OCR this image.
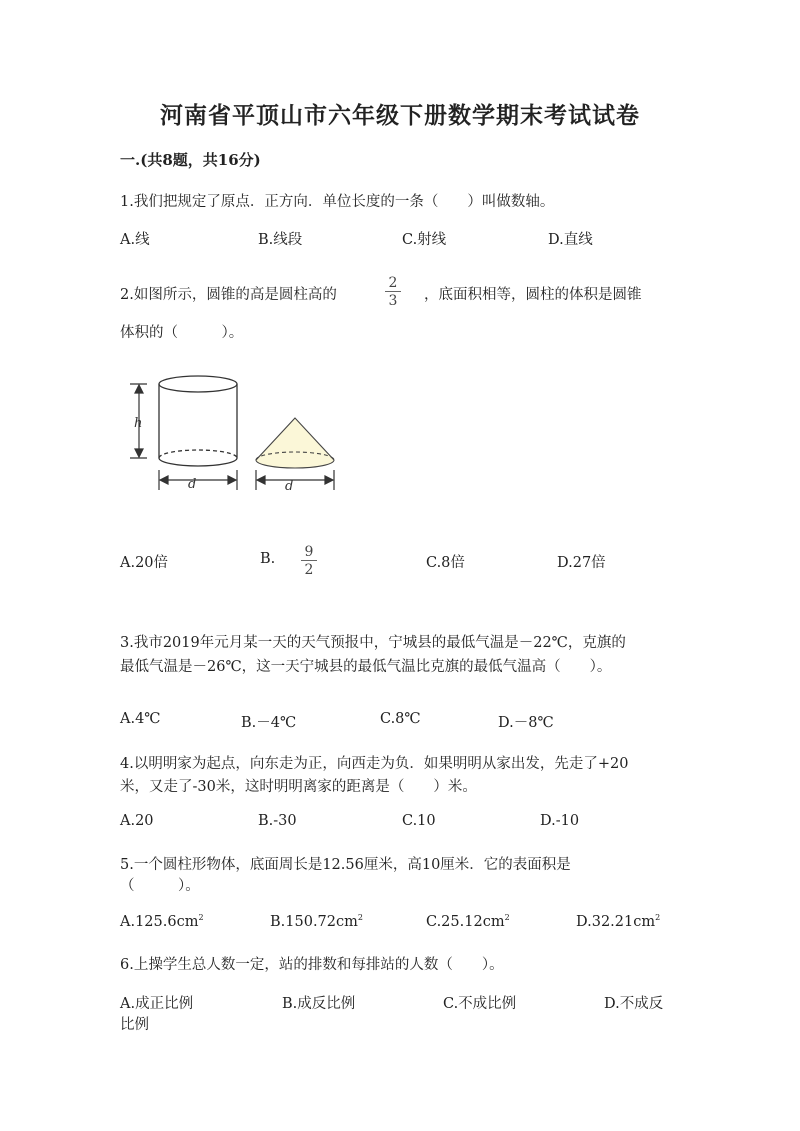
河南省平顶山市六年级下册数学期末考试试卷
一.(共8题，共16分)
1.我们把规定了原点．正方向．单位长度的一条（　　）叫做数轴。
A.线	B.线段	C.射线	D.直线
2.如图所示，圆锥的高是圆柱高的	$\frac{2}{3}$ ，底面积相等，圆柱的体积是圆锥
体积的（　　　）。
h
d	d
A.20倍	B. $\frac{9}{2}$	C.8倍	D.27倍
3.我市2019年元月某一天的天气预报中，宁城县的最低气温是－22℃，克旗的
最低气温是－26℃，这一天宁城县的最低气温比克旗的最低气温高（　　）。
A.4℃	B.－4℃	C.8℃	D.－8℃
4.以明明家为起点，向东走为正，向西走为负．如果明明从家出发，先走了+20
米，又走了-30米，这时明明离家的距离是（　　）米。
A.20	B.-30	C.10	D.-10
5.一个圆柱形物体，底面周长是12.56厘米，高10厘米．它的表面积是
（　　　）。
$A.125.6cm^2$	$B.150.72cm^2$	$C.25.12cm^2$	$D.32.21cm^2$
6.上操学生总人数一定，站的排数和每排站的人数（　　）。
A.成正比例	B.成反比例	C.不成比例	D.不成反
比例
